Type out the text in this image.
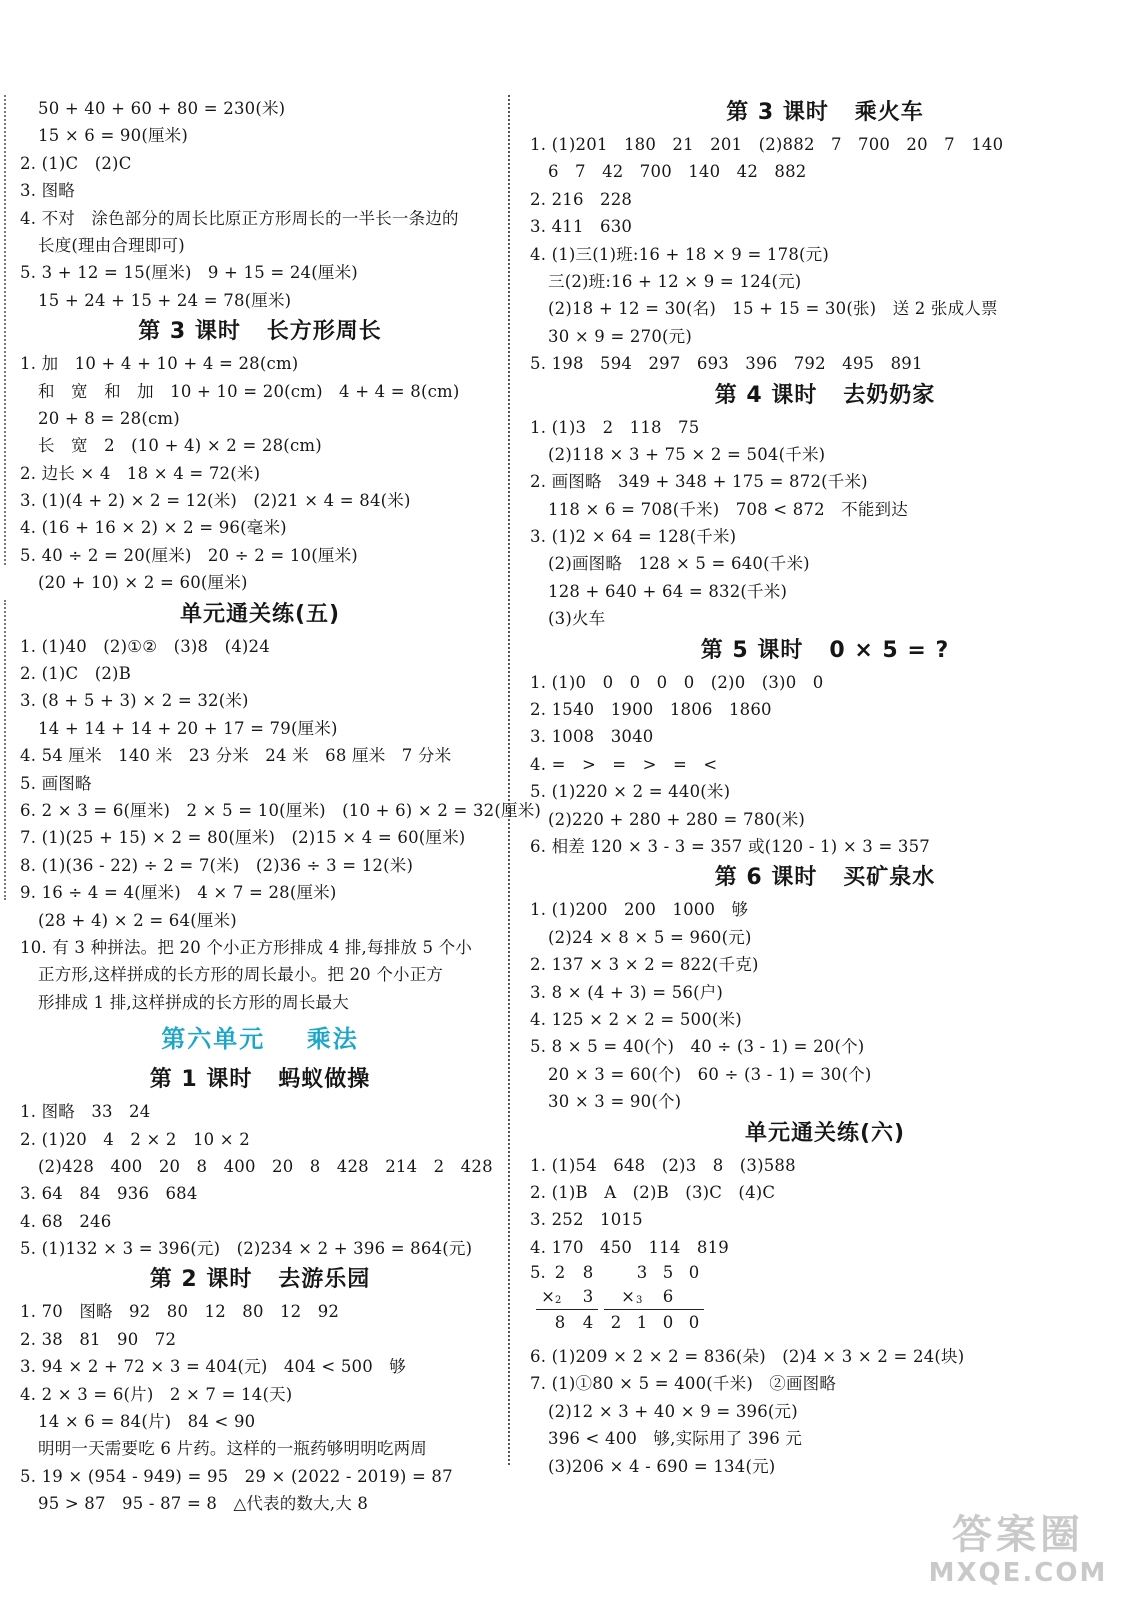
50 + 40 + 60 + 80 = 230(米)
15 × 6 = 90(厘米)
2. (1)C   (2)C
3. 图略
4. 不对   涂色部分的周长比原正方形周长的一半长一条边的
长度(理由合理即可)
5. 3 + 12 = 15(厘米)   9 + 15 = 24(厘米)
15 + 24 + 15 + 24 = 78(厘米)
第 3 课时   长方形周长
1. 加   10 + 4 + 10 + 4 = 28(cm)
和   宽   和   加   10 + 10 = 20(cm)   4 + 4 = 8(cm)
20 + 8 = 28(cm)
长   宽   2   (10 + 4) × 2 = 28(cm)
2. 边长 × 4   18 × 4 = 72(米)
3. (1)(4 + 2) × 2 = 12(米)   (2)21 × 4 = 84(米)
4. (16 + 16 × 2) × 2 = 96(毫米)
5. 40 ÷ 2 = 20(厘米)   20 ÷ 2 = 10(厘米)
(20 + 10) × 2 = 60(厘米)
单元通关练(五)
1. (1)40   (2)①②   (3)8   (4)24
2. (1)C   (2)B
3. (8 + 5 + 3) × 2 = 32(米)
14 + 14 + 14 + 20 + 17 = 79(厘米)
4. 54 厘米   140 米   23 分米   24 米   68 厘米   7 分米
5. 画图略
6. 2 × 3 = 6(厘米)   2 × 5 = 10(厘米)   (10 + 6) × 2 = 32(厘米)
7. (1)(25 + 15) × 2 = 80(厘米)   (2)15 × 4 = 60(厘米)
8. (1)(36 - 22) ÷ 2 = 7(米)   (2)36 ÷ 3 = 12(米)
9. 16 ÷ 4 = 4(厘米)   4 × 7 = 28(厘米)
(28 + 4) × 2 = 64(厘米)
10. 有 3 种拼法。把 20 个小正方形排成 4 排,每排放 5 个小
正方形,这样拼成的长方形的周长最小。把 20 个小正方
形排成 1 排,这样拼成的长方形的周长最大
第六单元    乘法
第 1 课时   蚂蚁做操
1. 图略   33   24
2. (1)20   4   2 × 2   10 × 2
(2)428   400   20   8   400   20   8   428   214   2   428
3. 64   84   936   684
4. 68   246
5. (1)132 × 3 = 396(元)   (2)234 × 2 + 396 = 864(元)
第 2 课时   去游乐园
1. 70   图略   92   80   12   80   12   92
2. 38   81   90   72
3. 94 × 2 + 72 × 3 = 404(元)   404 < 500   够
4. 2 × 3 = 6(片)   2 × 7 = 14(天)
14 × 6 = 84(片)   84 < 90
明明一天需要吃 6 片药。这样的一瓶药够明明吃两周
5. 19 × (954 - 949) = 95   29 × (2022 - 2019) = 87
95 > 87   95 - 87 = 8   △代表的数大,大 8
第 3 课时   乘火车
1. (1)201   180   21   201   (2)882   7   700   20   7   140
6   7   42   700   140   42   882
2. 216   228
3. 411   630
4. (1)三(1)班:16 + 18 × 9 = 178(元)
三(2)班:16 + 12 × 9 = 124(元)
(2)18 + 12 = 30(名)   15 + 15 = 30(张)   送 2 张成人票
30 × 9 = 270(元)
5. 198   594   297   693   396   792   495   891
第 4 课时   去奶奶家
1. (1)3   2   118   75
(2)118 × 3 + 75 × 2 = 504(千米)
2. 画图略   349 + 348 + 175 = 872(千米)
118 × 6 = 708(千米)   708 < 872   不能到达
3. (1)2 × 64 = 128(千米)
(2)画图略   128 × 5 = 640(千米)
128 + 640 + 64 = 832(千米)
(3)火车
第 5 课时   0 × 5 = ?
1. (1)0   0   0   0   0   (2)0   (3)0   0
2. 1540   1900   1806   1860
3. 1008   3040
4. =   >   =   >   =   <
5. (1)220 × 2 = 440(米)
(2)220 + 280 + 280 = 780(米)
6. 相差 120 × 3 - 3 = 357 或(120 - 1) × 3 = 357
第 6 课时   买矿泉水
1. (1)200   200   1000   够
(2)24 × 8 × 5 = 960(元)
2. 137 × 3 × 2 = 822(千克)
3. 8 × (4 + 3) = 56(户)
4. 125 × 2 × 2 = 500(米)
5. 8 × 5 = 40(个)   40 ÷ (3 - 1) = 20(个)
20 × 3 = 60(个)   60 ÷ (3 - 1) = 30(个)
30 × 3 = 90(个)
单元通关练(六)
1. (1)54   648   (2)3   8   (3)588
2. (1)B   A   (2)B   (3)C   (4)C
3. 252   1015
4. 170   450   114   819
5. 2 8
× 2 3
8 4
3 5 0
× 3 6
2 1 0 0
6. (1)209 × 2 × 2 = 836(朵)   (2)4 × 3 × 2 = 24(块)
7. (1)①80 × 5 = 400(千米)   ②画图略
(2)12 × 3 + 40 × 9 = 396(元)
396 < 400   够,实际用了 396 元
(3)206 × 4 - 690 = 134(元)
答案圈
MXQE.COM
